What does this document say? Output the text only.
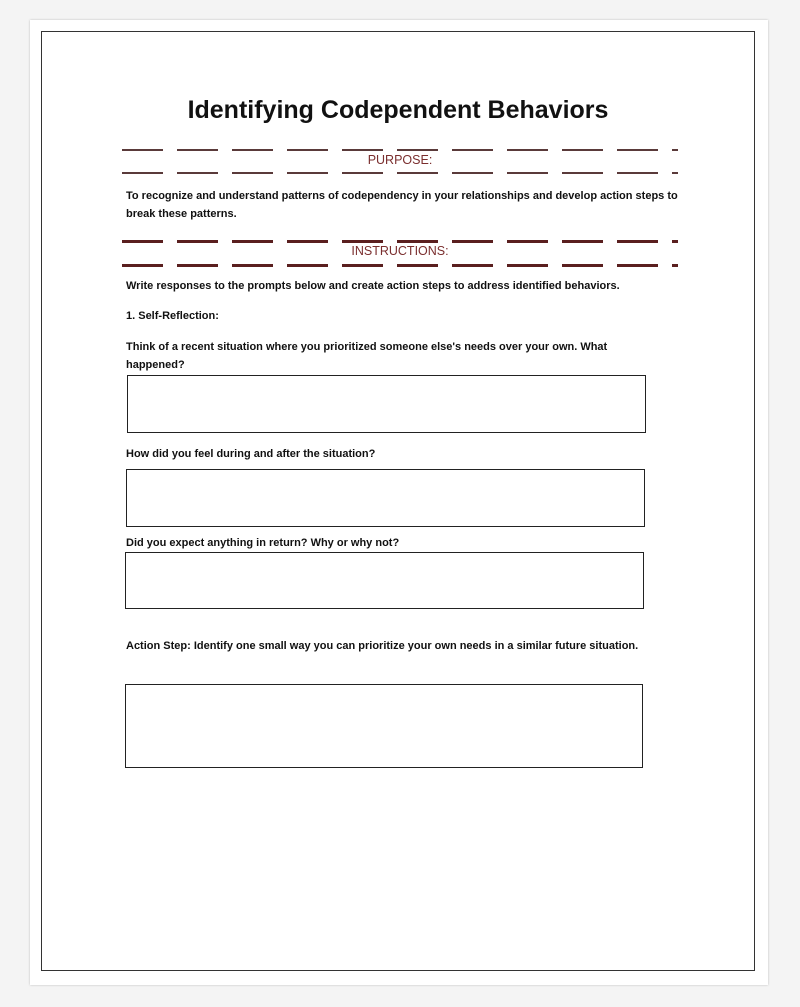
Identifying Codependent Behaviors
PURPOSE:
To recognize and understand patterns of codependency in your relationships and develop action steps to break these patterns.
INSTRUCTIONS:
Write responses to the prompts below and create action steps to address identified behaviors.
1. Self-Reflection:
Think of a recent situation where you prioritized someone else's needs over your own. What happened?
How did you feel during and after the situation?
Did you expect anything in return? Why or why not?
Action Step: Identify one small way you can prioritize your own needs in a similar future situation.
